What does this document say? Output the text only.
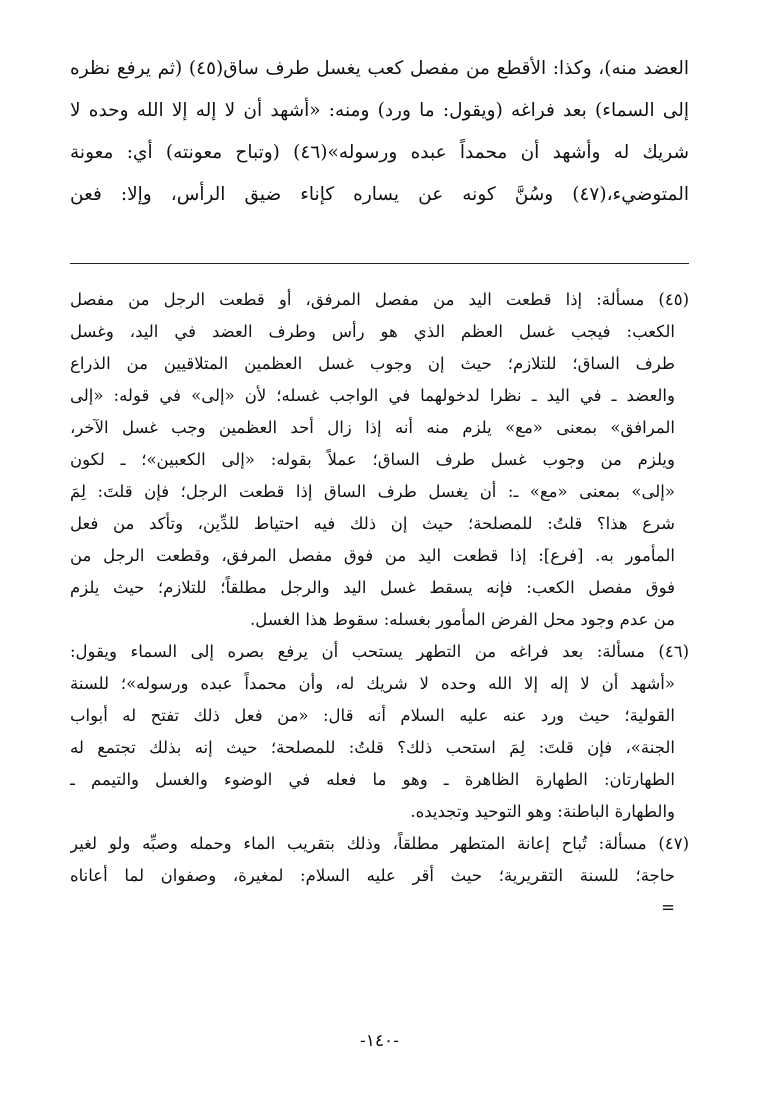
العضد منه)، وكذا: الأقطع من مفصل كعب يغسل طرف ساق(٤٥) (ثم يرفع نظره
إلى السماء) بعد فراغه (ويقول: ما ورد) ومنه: «أشهد أن لا إله إلا الله وحده لا
شريك له وأشهد أن محمداً عبده ورسوله»(٤٦) (وتباح معونته) أي: معونة
المتوضيء،(٤٧) وسُنَّ كونه عن يساره كإناء ضيق الرأس، وإلا: فعن
(٤٥) مسألة: إذا قطعت اليد من مفصل المرفق، أو قطعت الرجل من مفصل
الكعب: فيجب غسل العظم الذي هو رأس وطرف العضد في اليد، وغسل
طرف الساق؛ للتلازم؛ حيث إن وجوب غسل العظمين المتلاقيين من الذراع
والعضد ـ في اليد ـ نظرا لدخولهما في الواجب غسله؛ لأن «إلى» في قوله: «إلى
المرافق» بمعنى «مع» يلزم منه أنه إذا زال أحد العظمين وجب غسل الآخر،
ويلزم من وجوب غسل طرف الساق؛ عملاً بقوله: «إلى الكعبين»؛ ـ لكون
«إلى» بمعنى «مع» ـ: أن يغسل طرف الساق إذا قطعت الرجل؛ فإن قلتَ: لِمَ
شرع هذا؟ قلتُ: للمصلحة؛ حيث إن ذلك فيه احتياط للدِّين، وتأكد من فعل
المأمور به. [فرع]: إذا قطعت اليد من فوق مفصل المرفق، وقطعت الرجل من
فوق مفصل الكعب: فإنه يسقط غسل اليد والرجل مطلقاً؛ للتلازم؛ حيث يلزم
من عدم وجود محل الفرض المأمور بغسله: سقوط هذا الغسل.
(٤٦) مسألة: بعد فراغه من التطهر يستحب أن يرفع بصره إلى السماء ويقول:
«أشهد أن لا إله إلا الله وحده لا شريك له، وأن محمداً عبده ورسوله»؛ للسنة
القولية؛ حيث ورد عنه عليه السلام أنه قال: «من فعل ذلك تفتح له أبواب
الجنة»، فإن قلتَ: لِمَ استحب ذلك؟ قلتُ: للمصلحة؛ حيث إنه بذلك تجتمع له
الطهارتان: الطهارة الظاهرة ـ وهو ما فعله في الوضوء والغسل والتيمم ـ
والطهارة الباطنة: وهو التوحيد وتجديده.
(٤٧) مسألة: تُباح إعانة المتطهر مطلقاً، وذلك بتقريب الماء وحمله وصبِّه ولو لغير
حاجة؛ للسنة التقريرية؛ حيث أقر عليه السلام: لمغيرة، وصفوان لما أعاناه
=
-١٤٠-
